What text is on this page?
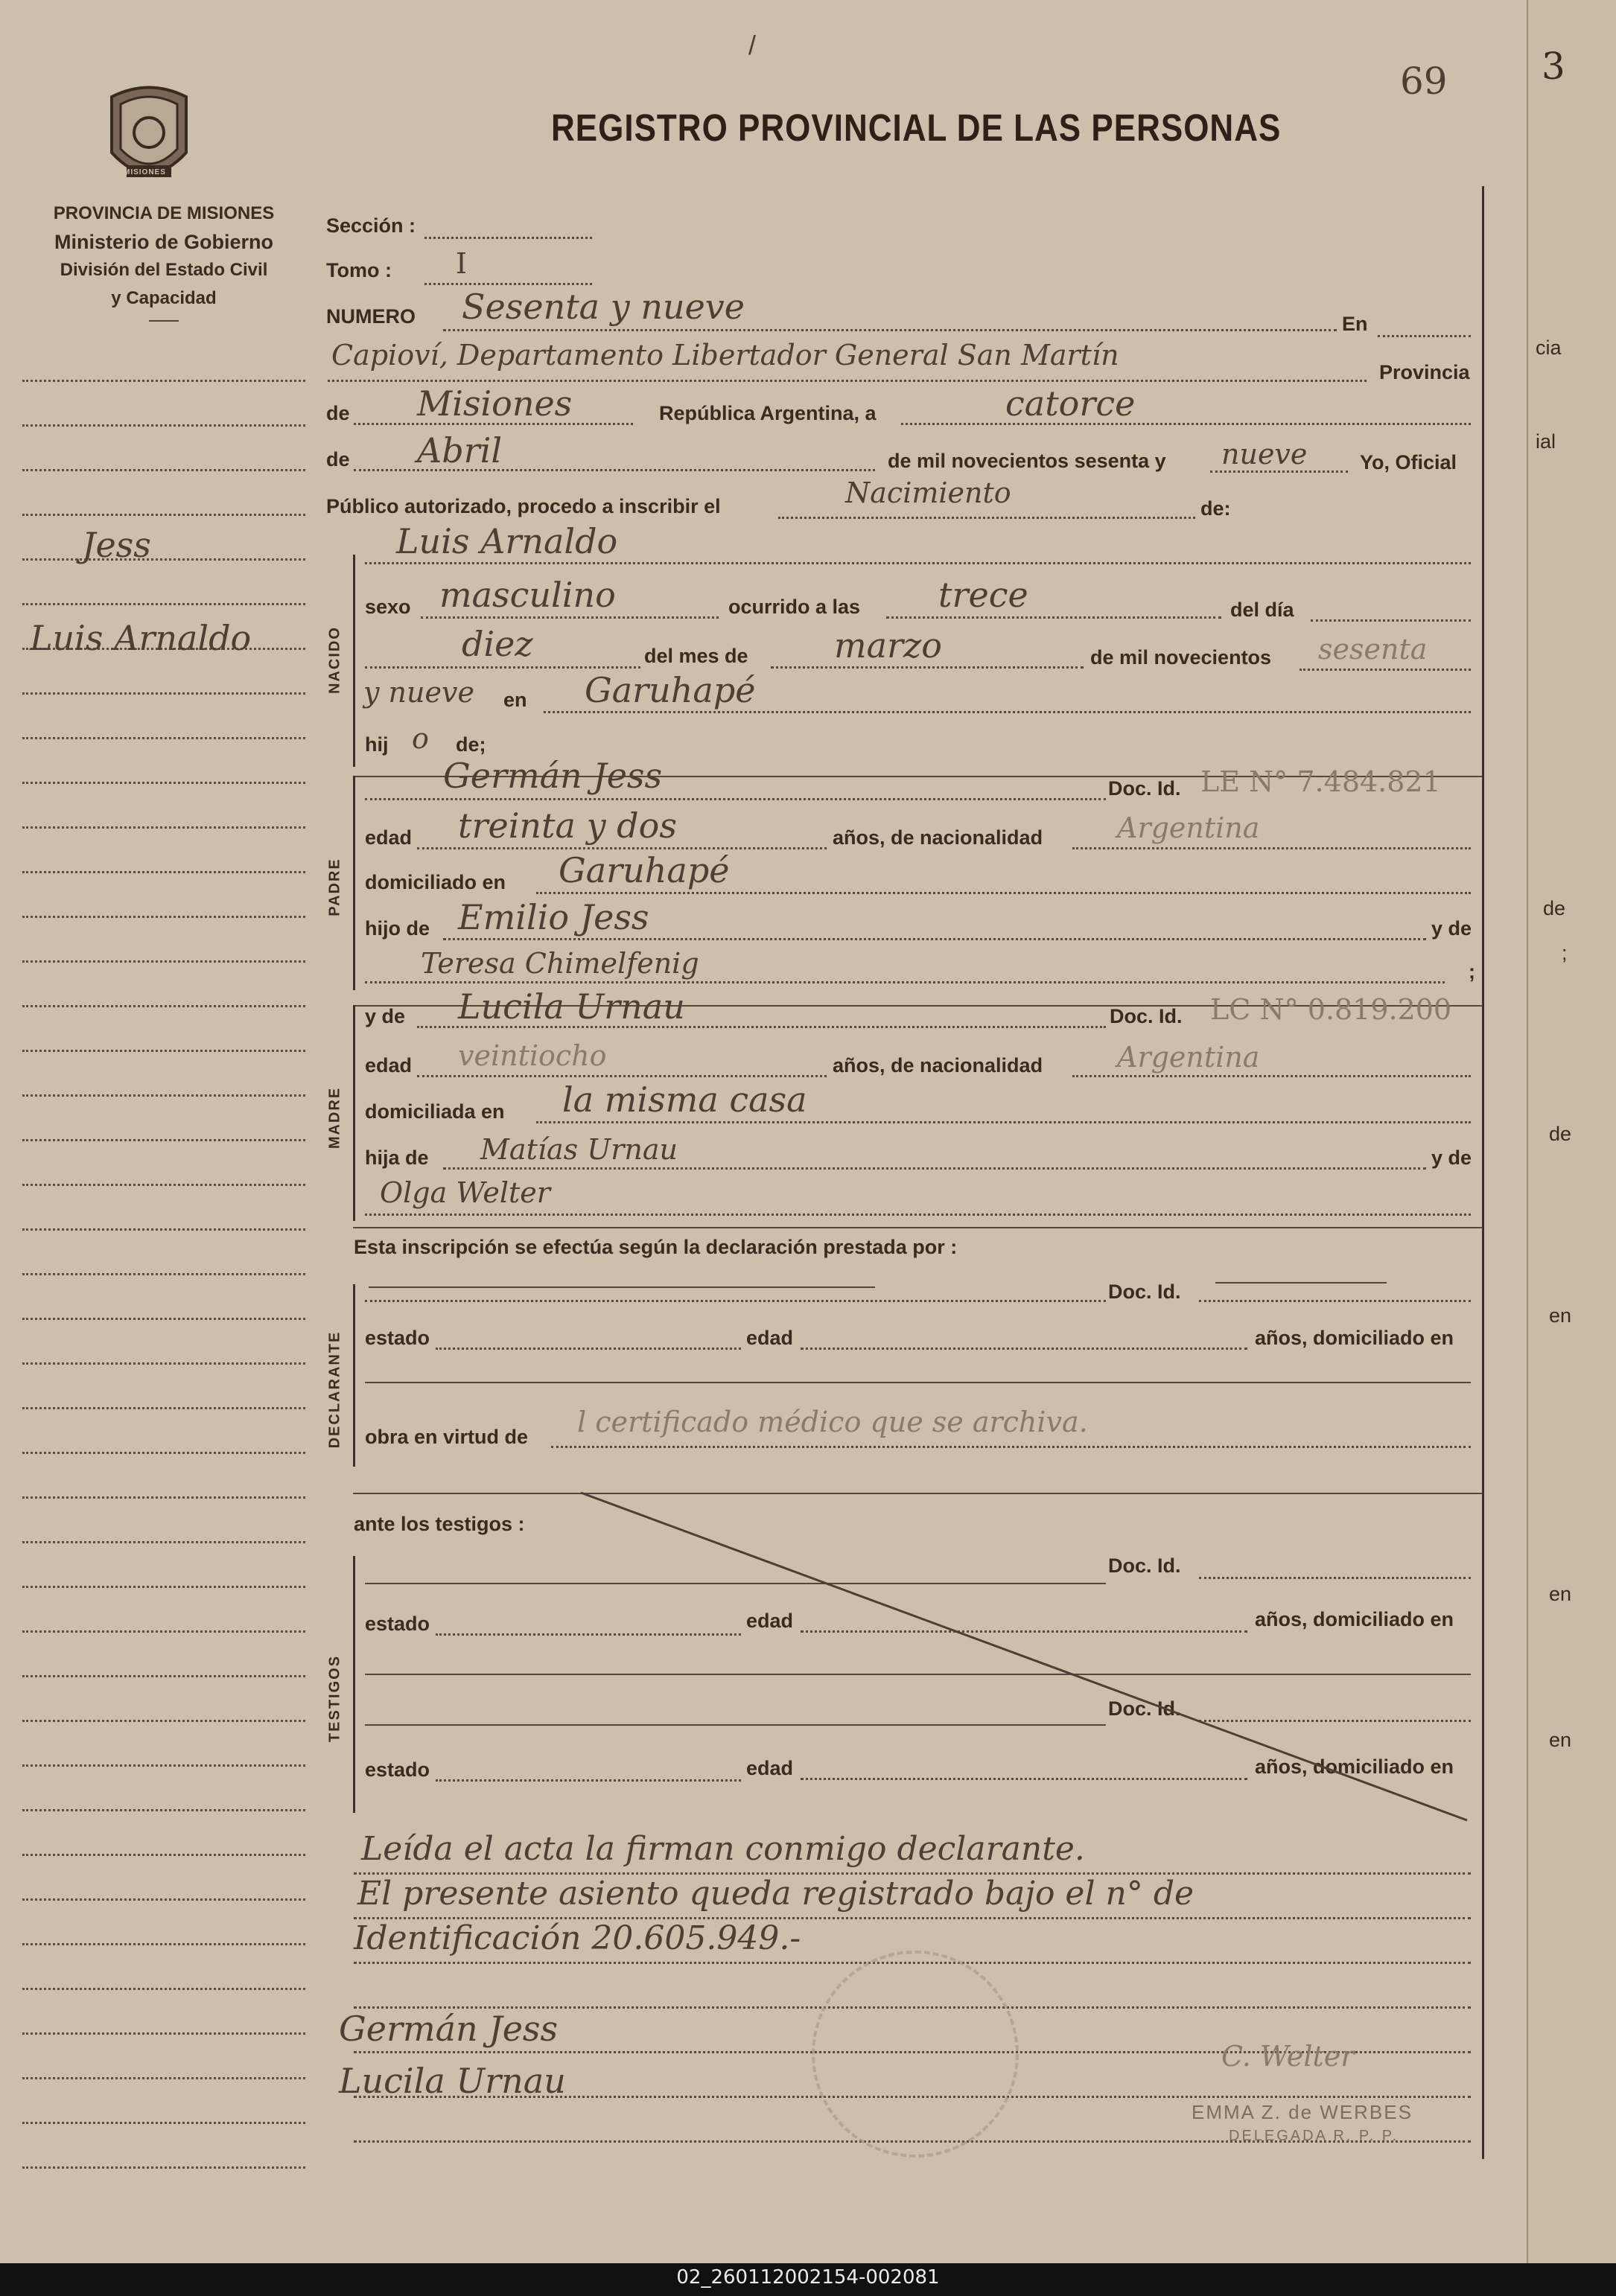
69
/
MISIONES
PROVINCIA DE MISIONES
Ministerio de Gobierno
División del Estado Civil
y Capacidad
REGISTRO PROVINCIAL DE LAS PERSONAS
Jess
Luis Arnaldo
Sección :
Tomo : I
NUMERO Sesenta y nueve	En
Capioví, Departamento Libertador General San Martín
Provincia
de Misiones	República Argentina, a	catorce
de Abril	de mil novecientos sesenta y nueve	Yo, Oficial
Público autorizado, procedo a inscribir el	Nacimiento	de:
NACIDO
Luis Arnaldo
sexo masculino	ocurrido a las trece	del día
diez	del mes de	marzo	de mil novecientos sesenta
y nueve en Garuhapé
hij o de;
PADRE
Germán Jess	Doc. Id. LE N° 7.484.821
edad treinta y dos	años, de nacionalidad	Argentina
domiciliado en Garuhapé
hijo de Emilio Jess	y de
Teresa Chimelfenig	;
MADRE
y de Lucila Urnau	Doc. Id. LC N° 0.819.200
edad veintiocho	años, de nacionalidad	Argentina
domiciliada en la misma casa
hija de Matías Urnau	y de
Olga Welter
Esta inscripción se efectúa según la declaración prestada por :
DECLARANTE
Doc. Id.
estado	edad	años, domiciliado en
obra en virtud de l certificado médico que se archiva.
ante los testigos :
TESTIGOS
Doc. Id.
estado	edad	años, domiciliado en
Doc. Id.
estado	edad	años, domiciliado en
Leída el acta la firman conmigo declarante.
El presente asiento queda registrado bajo el n° de
Identificación 20.605.949.-
Germán Jess
Lucila Urnau
C. Welter
EMMA Z. de WERBES
DELEGADA R. P. P.
3
cia
ial
de
;
de
en
en
en
02_260112002154-002081
